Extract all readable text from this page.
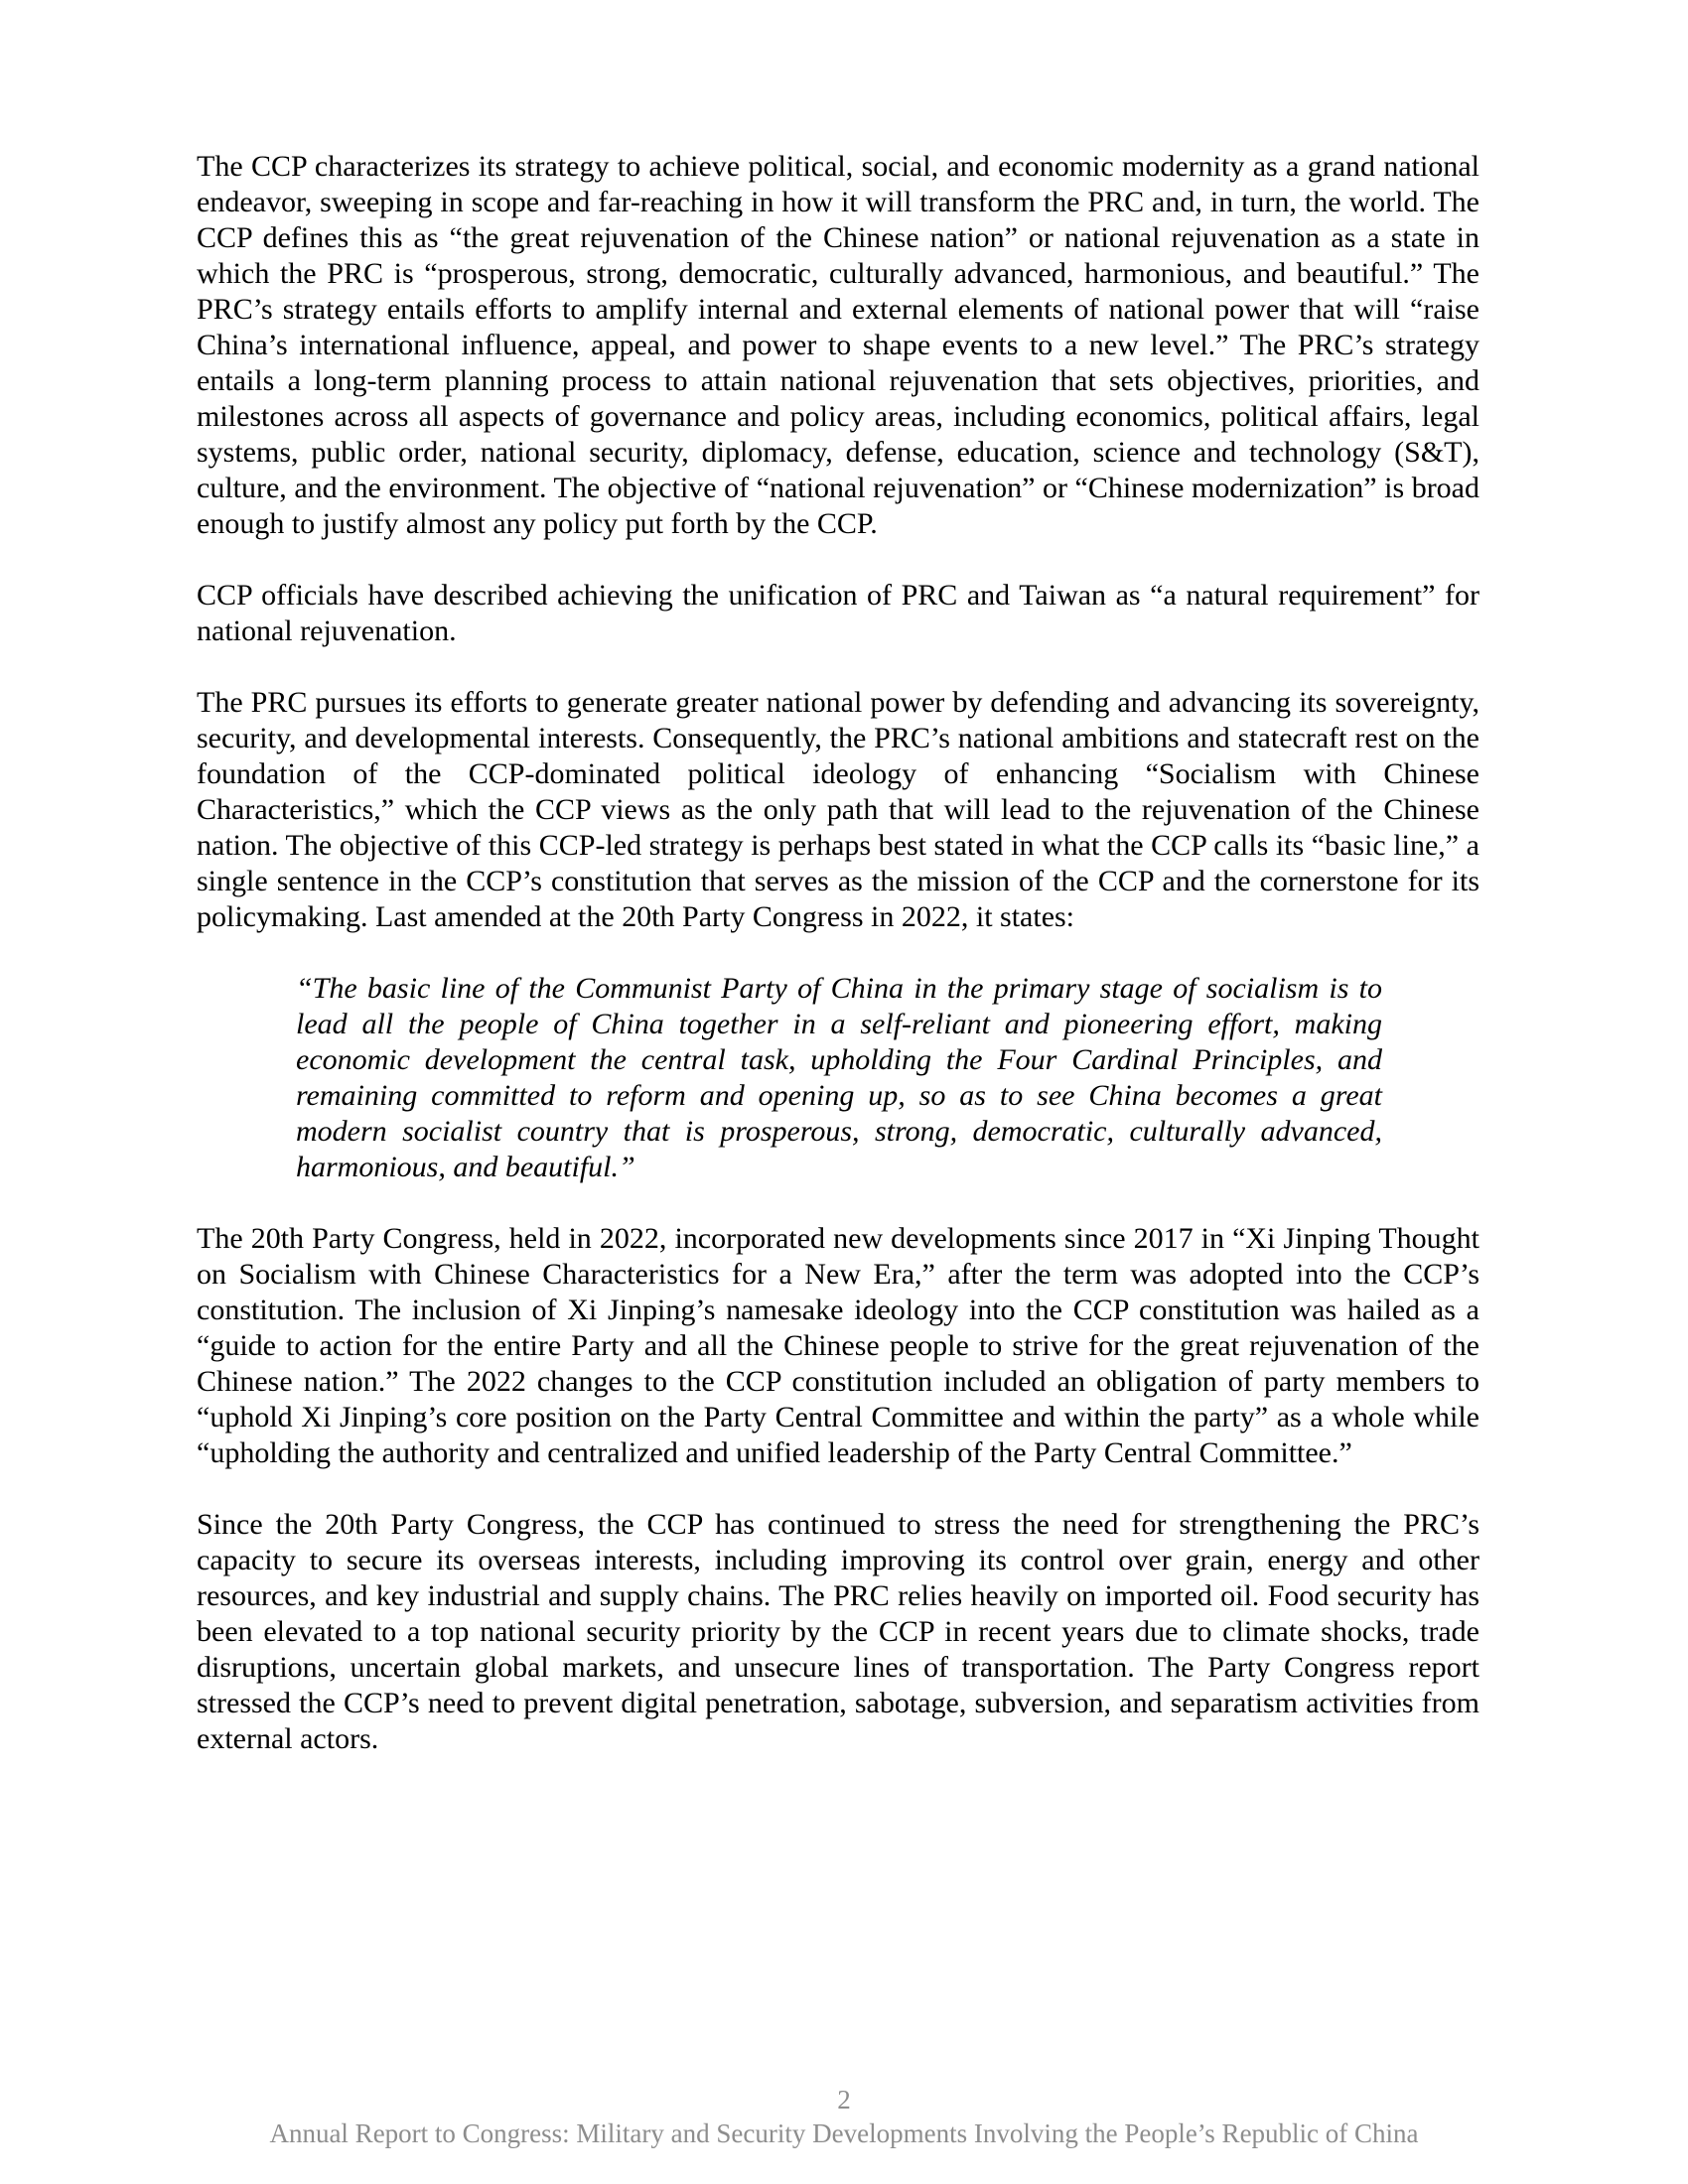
The CCP characterizes its strategy to achieve political, social, and economic modernity as a grand national endeavor, sweeping in scope and far-reaching in how it will transform the PRC and, in turn, the world. The CCP defines this as “the great rejuvenation of the Chinese nation” or national rejuvenation as a state in which the PRC is “prosperous, strong, democratic, culturally advanced, harmonious, and beautiful.” The PRC’s strategy entails efforts to amplify internal and external elements of national power that will “raise China’s international influence, appeal, and power to shape events to a new level.” The PRC’s strategy entails a long-term planning process to attain national rejuvenation that sets objectives, priorities, and milestones across all aspects of governance and policy areas, including economics, political affairs, legal systems, public order, national security, diplomacy, defense, education, science and technology (S&T), culture, and the environment. The objective of “national rejuvenation” or “Chinese modernization” is broad enough to justify almost any policy put forth by the CCP.

CCP officials have described achieving the unification of PRC and Taiwan as “a natural requirement” for national rejuvenation.

The PRC pursues its efforts to generate greater national power by defending and advancing its sovereignty, security, and developmental interests. Consequently, the PRC’s national ambitions and statecraft rest on the foundation of the CCP-dominated political ideology of enhancing “Socialism with Chinese Characteristics,” which the CCP views as the only path that will lead to the rejuvenation of the Chinese nation. The objective of this CCP-led strategy is perhaps best stated in what the CCP calls its “basic line,” a single sentence in the CCP’s constitution that serves as the mission of the CCP and the cornerstone for its policymaking. Last amended at the 20th Party Congress in 2022, it states:

“The basic line of the Communist Party of China in the primary stage of socialism is to lead all the people of China together in a self-reliant and pioneering effort, making economic development the central task, upholding the Four Cardinal Principles, and remaining committed to reform and opening up, so as to see China becomes a great modern socialist country that is prosperous, strong, democratic, culturally advanced, harmonious, and beautiful.”

The 20th Party Congress, held in 2022, incorporated new developments since 2017 in “Xi Jinping Thought on Socialism with Chinese Characteristics for a New Era,” after the term was adopted into the CCP’s constitution. The inclusion of Xi Jinping’s namesake ideology into the CCP constitution was hailed as a “guide to action for the entire Party and all the Chinese people to strive for the great rejuvenation of the Chinese nation.” The 2022 changes to the CCP constitution included an obligation of party members to “uphold Xi Jinping’s core position on the Party Central Committee and within the party” as a whole while “upholding the authority and centralized and unified leadership of the Party Central Committee.”

Since the 20th Party Congress, the CCP has continued to stress the need for strengthening the PRC’s capacity to secure its overseas interests, including improving its control over grain, energy and other resources, and key industrial and supply chains. The PRC relies heavily on imported oil. Food security has been elevated to a top national security priority by the CCP in recent years due to climate shocks, trade disruptions, uncertain global markets, and unsecure lines of transportation. The Party Congress report stressed the CCP’s need to prevent digital penetration, sabotage, subversion, and separatism activities from external actors.

2
Annual Report to Congress: Military and Security Developments Involving the People’s Republic of China
